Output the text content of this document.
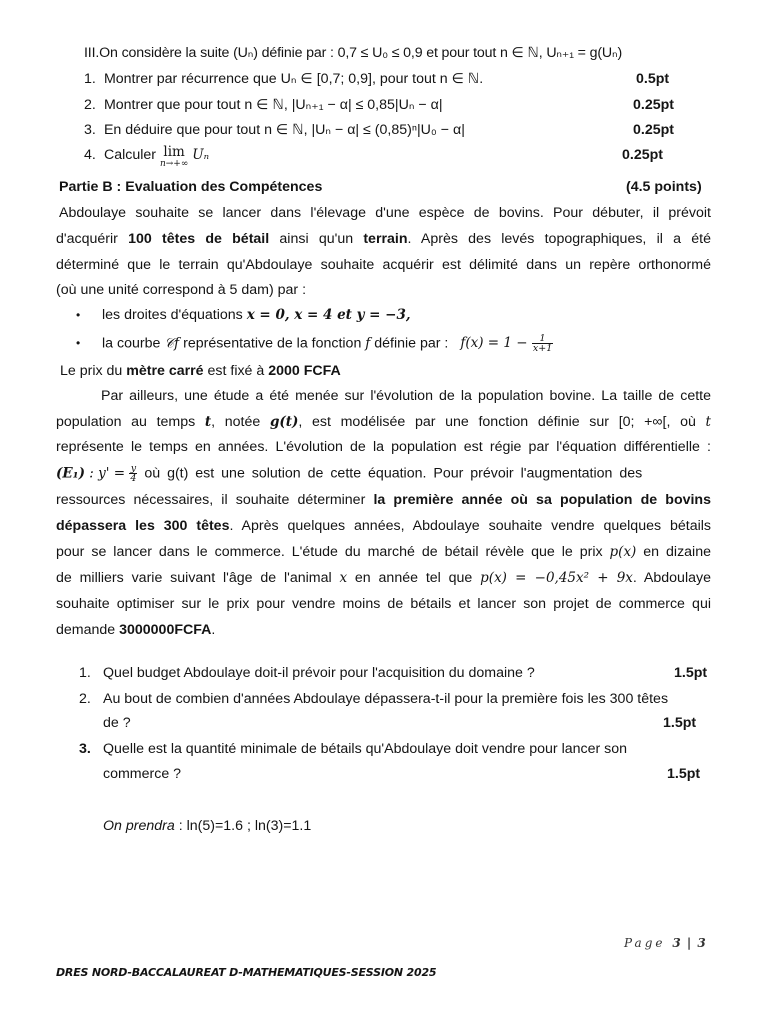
III.On considère la suite (Uₙ) définie par : 0,7 ≤ U₀ ≤ 0,9 et pour tout n ∈ ℕ, Uₙ₊₁ = g(Uₙ)
1. Montrer par récurrence que Uₙ ∈ [0,7; 0,9], pour tout n ∈ ℕ.	0.5pt
2. Montrer que pour tout n ∈ ℕ, |Uₙ₊₁ − α| ≤ 0,85|Uₙ − α|	0.25pt
3. En déduire que pour tout n ∈ ℕ, |Uₙ − α| ≤ (0,85)ⁿ|U₀ − α|	0.25pt
4. Calculer lim
n→+∞
Uₙ	0.25pt
Partie B : Evaluation des Compétences	(4.5 points)
Abdoulaye souhaite se lancer dans l'élevage d'une espèce de bovins. Pour débuter, il prévoit
d'acquérir 100 têtes de bétail ainsi qu'un terrain. Après des levés topographiques, il a été
déterminé que le terrain qu'Abdoulaye souhaite acquérir est délimité dans un repère orthonormé
(où une unité correspond à 5 dam) par :
• les droites d'équations x = 0, x = 4 et y = −3,
• la courbe 𝒞f représentative de la fonction f définie par : $f(x) = 1 - \frac{1}{x+1}$
Le prix du mètre carré est fixé à 2000 FCFA
Par ailleurs, une étude a été menée sur l'évolution de la population bovine. La taille de cette
population au temps t, notée g(t), est modélisée par une fonction définie sur [0; +∞[, où t
représente le temps en années. L'évolution de la population est régie par l'équation différentielle :
(E₁) : $y' = \frac{y}{4}$ où g(t) est une solution de cette équation. Pour prévoir l'augmentation des
ressources nécessaires, il souhaite déterminer la première année où sa population de bovins
dépassera les 300 têtes. Après quelques années, Abdoulaye souhaite vendre quelques bétails
pour se lancer dans le commerce. L'étude du marché de bétail révèle que le prix p(x) en dizaine
de milliers varie suivant l'âge de l'animal x en année tel que p(x) = −0,45x² + 9x. Abdoulaye
souhaite optimiser sur le prix pour vendre moins de bétails et lancer son projet de commerce qui
demande 3000000FCFA.
1. Quel budget Abdoulaye doit-il prévoir pour l'acquisition du domaine ?	1.5pt
2. Au bout de combien d'années Abdoulaye dépassera-t-il pour la première fois les 300 têtes
de ?	1.5pt
3. Quelle est la quantité minimale de bétails qu'Abdoulaye doit vendre pour lancer son
commerce ?	1.5pt
On prendra : ln(5)=1.6 ; ln(3)=1.1
Page 3 | 3
DRES NORD-BACCALAUREAT D-MATHEMATIQUES-SESSION 2025
